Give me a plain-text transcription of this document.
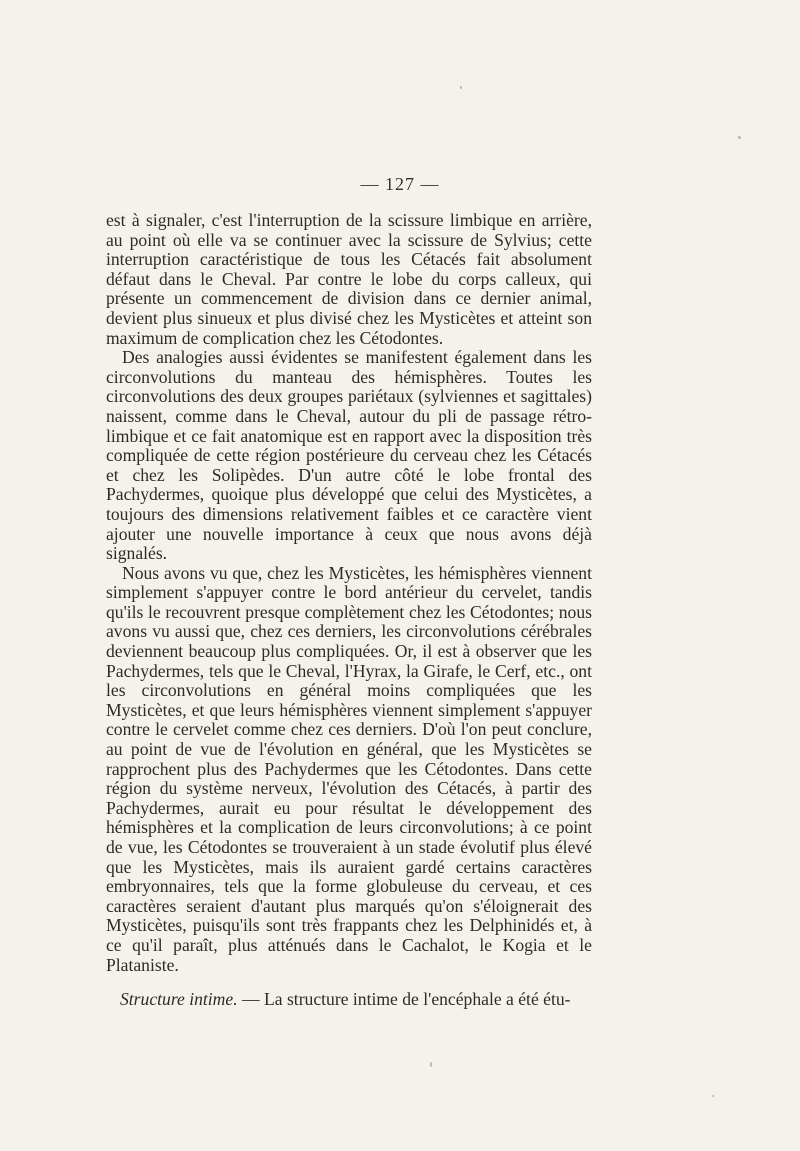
— 127 —

est à signaler, c'est l'interruption de la scissure limbique en arrière, au point où elle va se continuer avec la scissure de Sylvius; cette interruption caractéristique de tous les Cétacés fait absolument défaut dans le Cheval. Par contre le lobe du corps calleux, qui présente un commencement de division dans ce dernier animal, devient plus sinueux et plus divisé chez les Mysticètes et atteint son maximum de complication chez les Cétodontes.

Des analogies aussi évidentes se manifestent également dans les circonvolutions du manteau des hémisphères. Toutes les circonvolutions des deux groupes pariétaux (sylviennes et sagittales) naissent, comme dans le Cheval, autour du pli de passage rétro-limbique et ce fait anatomique est en rapport avec la disposition très compliquée de cette région postérieure du cerveau chez les Cétacés et chez les Solipèdes. D'un autre côté le lobe frontal des Pachydermes, quoique plus développé que celui des Mysticètes, a toujours des dimensions relativement faibles et ce caractère vient ajouter une nouvelle importance à ceux que nous avons déjà signalés.

Nous avons vu que, chez les Mysticètes, les hémisphères viennent simplement s'appuyer contre le bord antérieur du cervelet, tandis qu'ils le recouvrent presque complètement chez les Cétodontes; nous avons vu aussi que, chez ces derniers, les circonvolutions cérébrales deviennent beaucoup plus compliquées. Or, il est à observer que les Pachydermes, tels que le Cheval, l'Hyrax, la Girafe, le Cerf, etc., ont les circonvolutions en général moins compliquées que les Mysticètes, et que leurs hémisphères viennent simplement s'appuyer contre le cervelet comme chez ces derniers. D'où l'on peut conclure, au point de vue de l'évolution en général, que les Mysticètes se rapprochent plus des Pachydermes que les Cétodontes. Dans cette région du système nerveux, l'évolution des Cétacés, à partir des Pachydermes, aurait eu pour résultat le développement des hémisphères et la complication de leurs circonvolutions; à ce point de vue, les Cétodontes se trouveraient à un stade évolutif plus élevé que les Mysticètes, mais ils auraient gardé certains caractères embryonnaires, tels que la forme globuleuse du cerveau, et ces caractères seraient d'autant plus marqués qu'on s'éloignerait des Mysticètes, puisqu'ils sont très frappants chez les Delphinidés et, à ce qu'il paraît, plus atténués dans le Cachalot, le Kogia et le Plataniste.

Structure intime. — La structure intime de l'encéphale a été étu-
